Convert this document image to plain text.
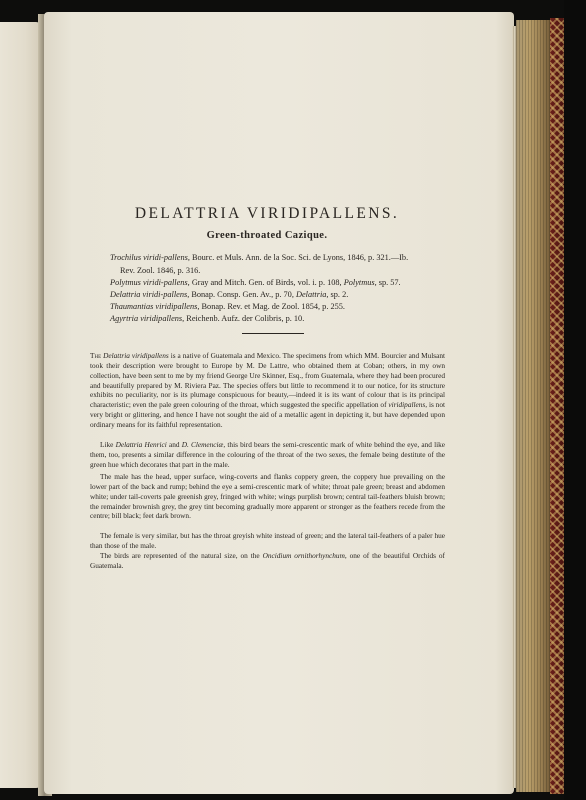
DELATTRIA VIRIDIPALLENS.
Green-throated Cazique.
Trochilus viridi-pallens, Bourc. et Muls. Ann. de la Soc. Sci. de Lyons, 1846, p. 321.—Ib. Rev. Zool. 1846, p. 316.
Polytmus viridi-pallens, Gray and Mitch. Gen. of Birds, vol. i. p. 108, Polytmus, sp. 57.
Delattria viridi-pallens, Bonap. Consp. Gen. Av., p. 70, Delattria, sp. 2.
Thaumantias viridipallens, Bonap. Rev. et Mag. de Zool. 1854, p. 255.
Agyrtria viridipallens, Reichenb. Aufz. der Colibris, p. 10.

The Delattria viridipallens is a native of Guatemala and Mexico. The specimens from which MM. Bourcier and Mulsant took their description were brought to Europe by M. De Lattre, who obtained them at Coban; others, in my own collection, have been sent to me by my friend George Ure Skinner, Esq., from Guatemala, where they had been procured and beautifully prepared by M. Riviera Paz. The species offers but little to recommend it to our notice, for its structure exhibits no peculiarity, nor is its plumage conspicuous for beauty,—indeed it is its want of colour that is its principal characteristic; even the pale green colouring of the throat, which suggested the specific appellation of viridipallens, is not very bright or glittering, and hence I have not sought the aid of a metallic agent in depicting it, but have depended upon ordinary means for its faithful representation.

Like Delattria Henrici and D. Clemenciæ, this bird bears the semi-crescentic mark of white behind the eye, and like them, too, presents a similar difference in the colouring of the throat of the two sexes, the female being destitute of the green hue which decorates that part in the male.

The male has the head, upper surface, wing-coverts and flanks coppery green, the coppery hue prevailing on the lower part of the back and rump; behind the eye a semi-crescentic mark of white; throat pale green; breast and abdomen white; under tail-coverts pale greenish grey, fringed with white; wings purplish brown; central tail-feathers bluish brown; the remainder brownish grey, the grey tint becoming gradually more apparent or stronger as the feathers recede from the centre; bill black; feet dark brown.

The female is very similar, but has the throat greyish white instead of green; and the lateral tail-feathers of a paler hue than those of the male.

The birds are represented of the natural size, on the Oncidium ornithorhynchum, one of the beautiful Orchids of Guatemala.
